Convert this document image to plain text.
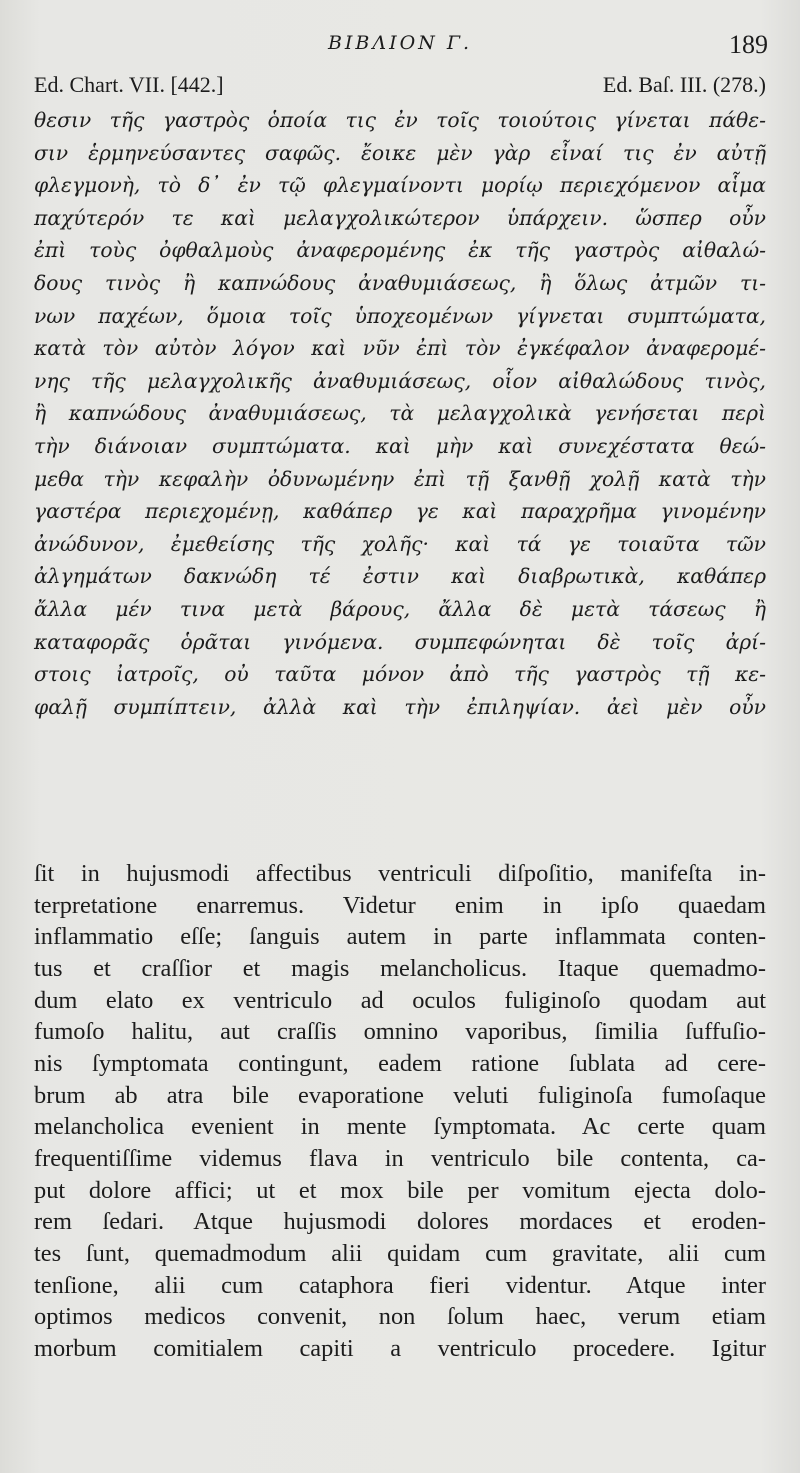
ΒΙΒΛΙΟΝ Γ.	189
Ed. Chart. VII. [442.]	Ed. Baſ. III. (278.)
θεσιν τῆς γαστρὸς ὁποία τις ἐν τοῖς τοιούτοις γίνεται πάθε-
σιν ἑρμηνεύσαντες σαφῶς. ἔοικε μὲν γὰρ εἶναί τις ἐν αὐτῇ
φλεγμονὴ, τὸ δ᾽ ἐν τῷ φλεγμαίνοντι μορίῳ περιεχόμενον αἷμα
παχύτερόν τε καὶ μελαγχολικώτερον ὑπάρχειν. ὥσπερ οὖν
ἐπὶ τοὺς ὀφθαλμοὺς ἀναφερομένης ἐκ τῆς γαστρὸς αἰθαλώ-
δους τινὸς ἢ καπνώδους ἀναθυμιάσεως, ἢ ὅλως ἀτμῶν τι-
νων παχέων, ὅμοια τοῖς ὑποχεομένων γίγνεται συμπτώματα,
κατὰ τὸν αὐτὸν λόγον καὶ νῦν ἐπὶ τὸν ἐγκέφαλον ἀναφερομέ-
νης τῆς μελαγχολικῆς ἀναθυμιάσεως, οἷον αἰθαλώδους τινὸς,
ἢ καπνώδους ἀναθυμιάσεως, τὰ μελαγχολικὰ γενήσεται περὶ
τὴν διάνοιαν συμπτώματα. καὶ μὴν καὶ συνεχέστατα θεώ-
μεθα τὴν κεφαλὴν ὀδυνωμένην ἐπὶ τῇ ξανθῇ χολῇ κατὰ τὴν
γαστέρα περιεχομένῃ, καθάπερ γε καὶ παραχρῆμα γινομένην
ἀνώδυνον, ἐμεθείσης τῆς χολῆς· καὶ τά γε τοιαῦτα τῶν
ἀλγημάτων δακνώδη τέ ἐστιν καὶ διαβρωτικὰ, καθάπερ
ἄλλα μέν τινα μετὰ βάρους, ἄλλα δὲ μετὰ τάσεως ἢ
καταφορᾶς ὁρᾶται γινόμενα. συμπεφώνηται δὲ τοῖς ἀρί-
στοις ἰατροῖς, οὐ ταῦτα μόνον ἀπὸ τῆς γαστρὸς τῇ κε-
φαλῇ συμπίπτειν, ἀλλὰ καὶ τὴν ἐπιληψίαν. ἀεὶ μὲν οὖν
ſit in hujusmodi affectibus ventriculi diſpoſitio, manifeſta in-
terpretatione enarremus. Videtur enim in ipſo quaedam
inflammatio eſſe; ſanguis autem in parte inflammata conten-
tus et craſſior et magis melancholicus. Itaque quemadmo-
dum elato ex ventriculo ad oculos fuliginoſo quodam aut
fumoſo halitu, aut craſſis omnino vaporibus, ſimilia ſuffuſio-
nis ſymptomata contingunt, eadem ratione ſublata ad cere-
brum ab atra bile evaporatione veluti fuliginoſa fumoſaque
melancholica evenient in mente ſymptomata. Ac certe quam
frequentiſſime videmus flava in ventriculo bile contenta, ca-
put dolore affici; ut et mox bile per vomitum ejecta dolo-
rem ſedari. Atque hujusmodi dolores mordaces et eroden-
tes ſunt, quemadmodum alii quidam cum gravitate, alii cum
tenſione, alii cum cataphora fieri videntur. Atque inter
optimos medicos convenit, non ſolum haec, verum etiam
morbum comitialem capiti a ventriculo procedere. Igitur
